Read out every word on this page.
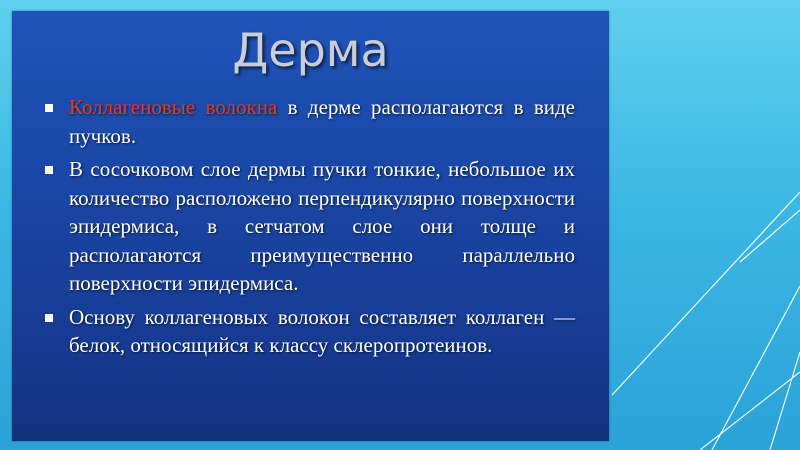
Дерма
Коллагеновые волокна в дерме располагаются в виде пучков.
В сосочковом слое дермы пучки тонкие, небольшое их количество расположено перпендикулярно поверхности эпидермиса, в сетчатом слое они толще и располагаются преимущественно параллельно поверхности эпидермиса.
Основу коллагеновых волокон составляет коллаген — белок, относящийся к классу склеропротеинов.
